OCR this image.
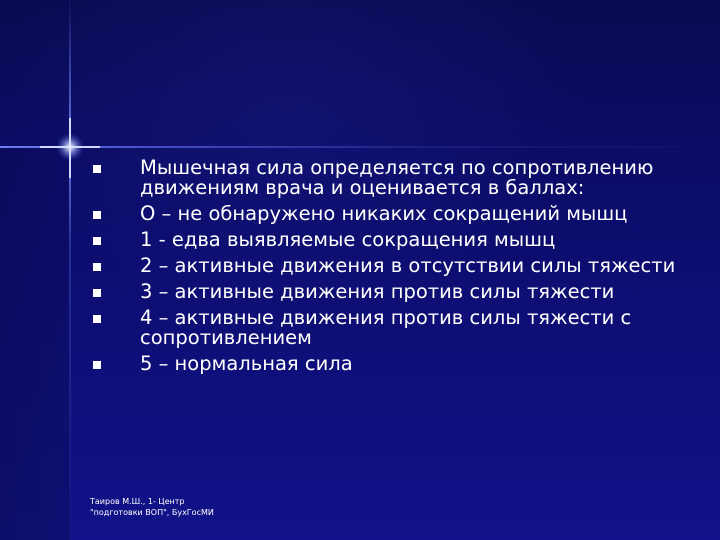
Мышечная сила определяется по сопротивлению движениям врача и оценивается в баллах:
О – не обнаружено никаких сокращений мышц
1 - едва выявляемые сокращения мышц
2 – активные движения в отсутствии силы тяжести
3 – активные движения против силы тяжести
4 – активные движения против силы тяжести с сопротивлением
5 – нормальная сила
Таиров М.Ш., 1- Центр
"подготовки ВОП", БухГосМИ
